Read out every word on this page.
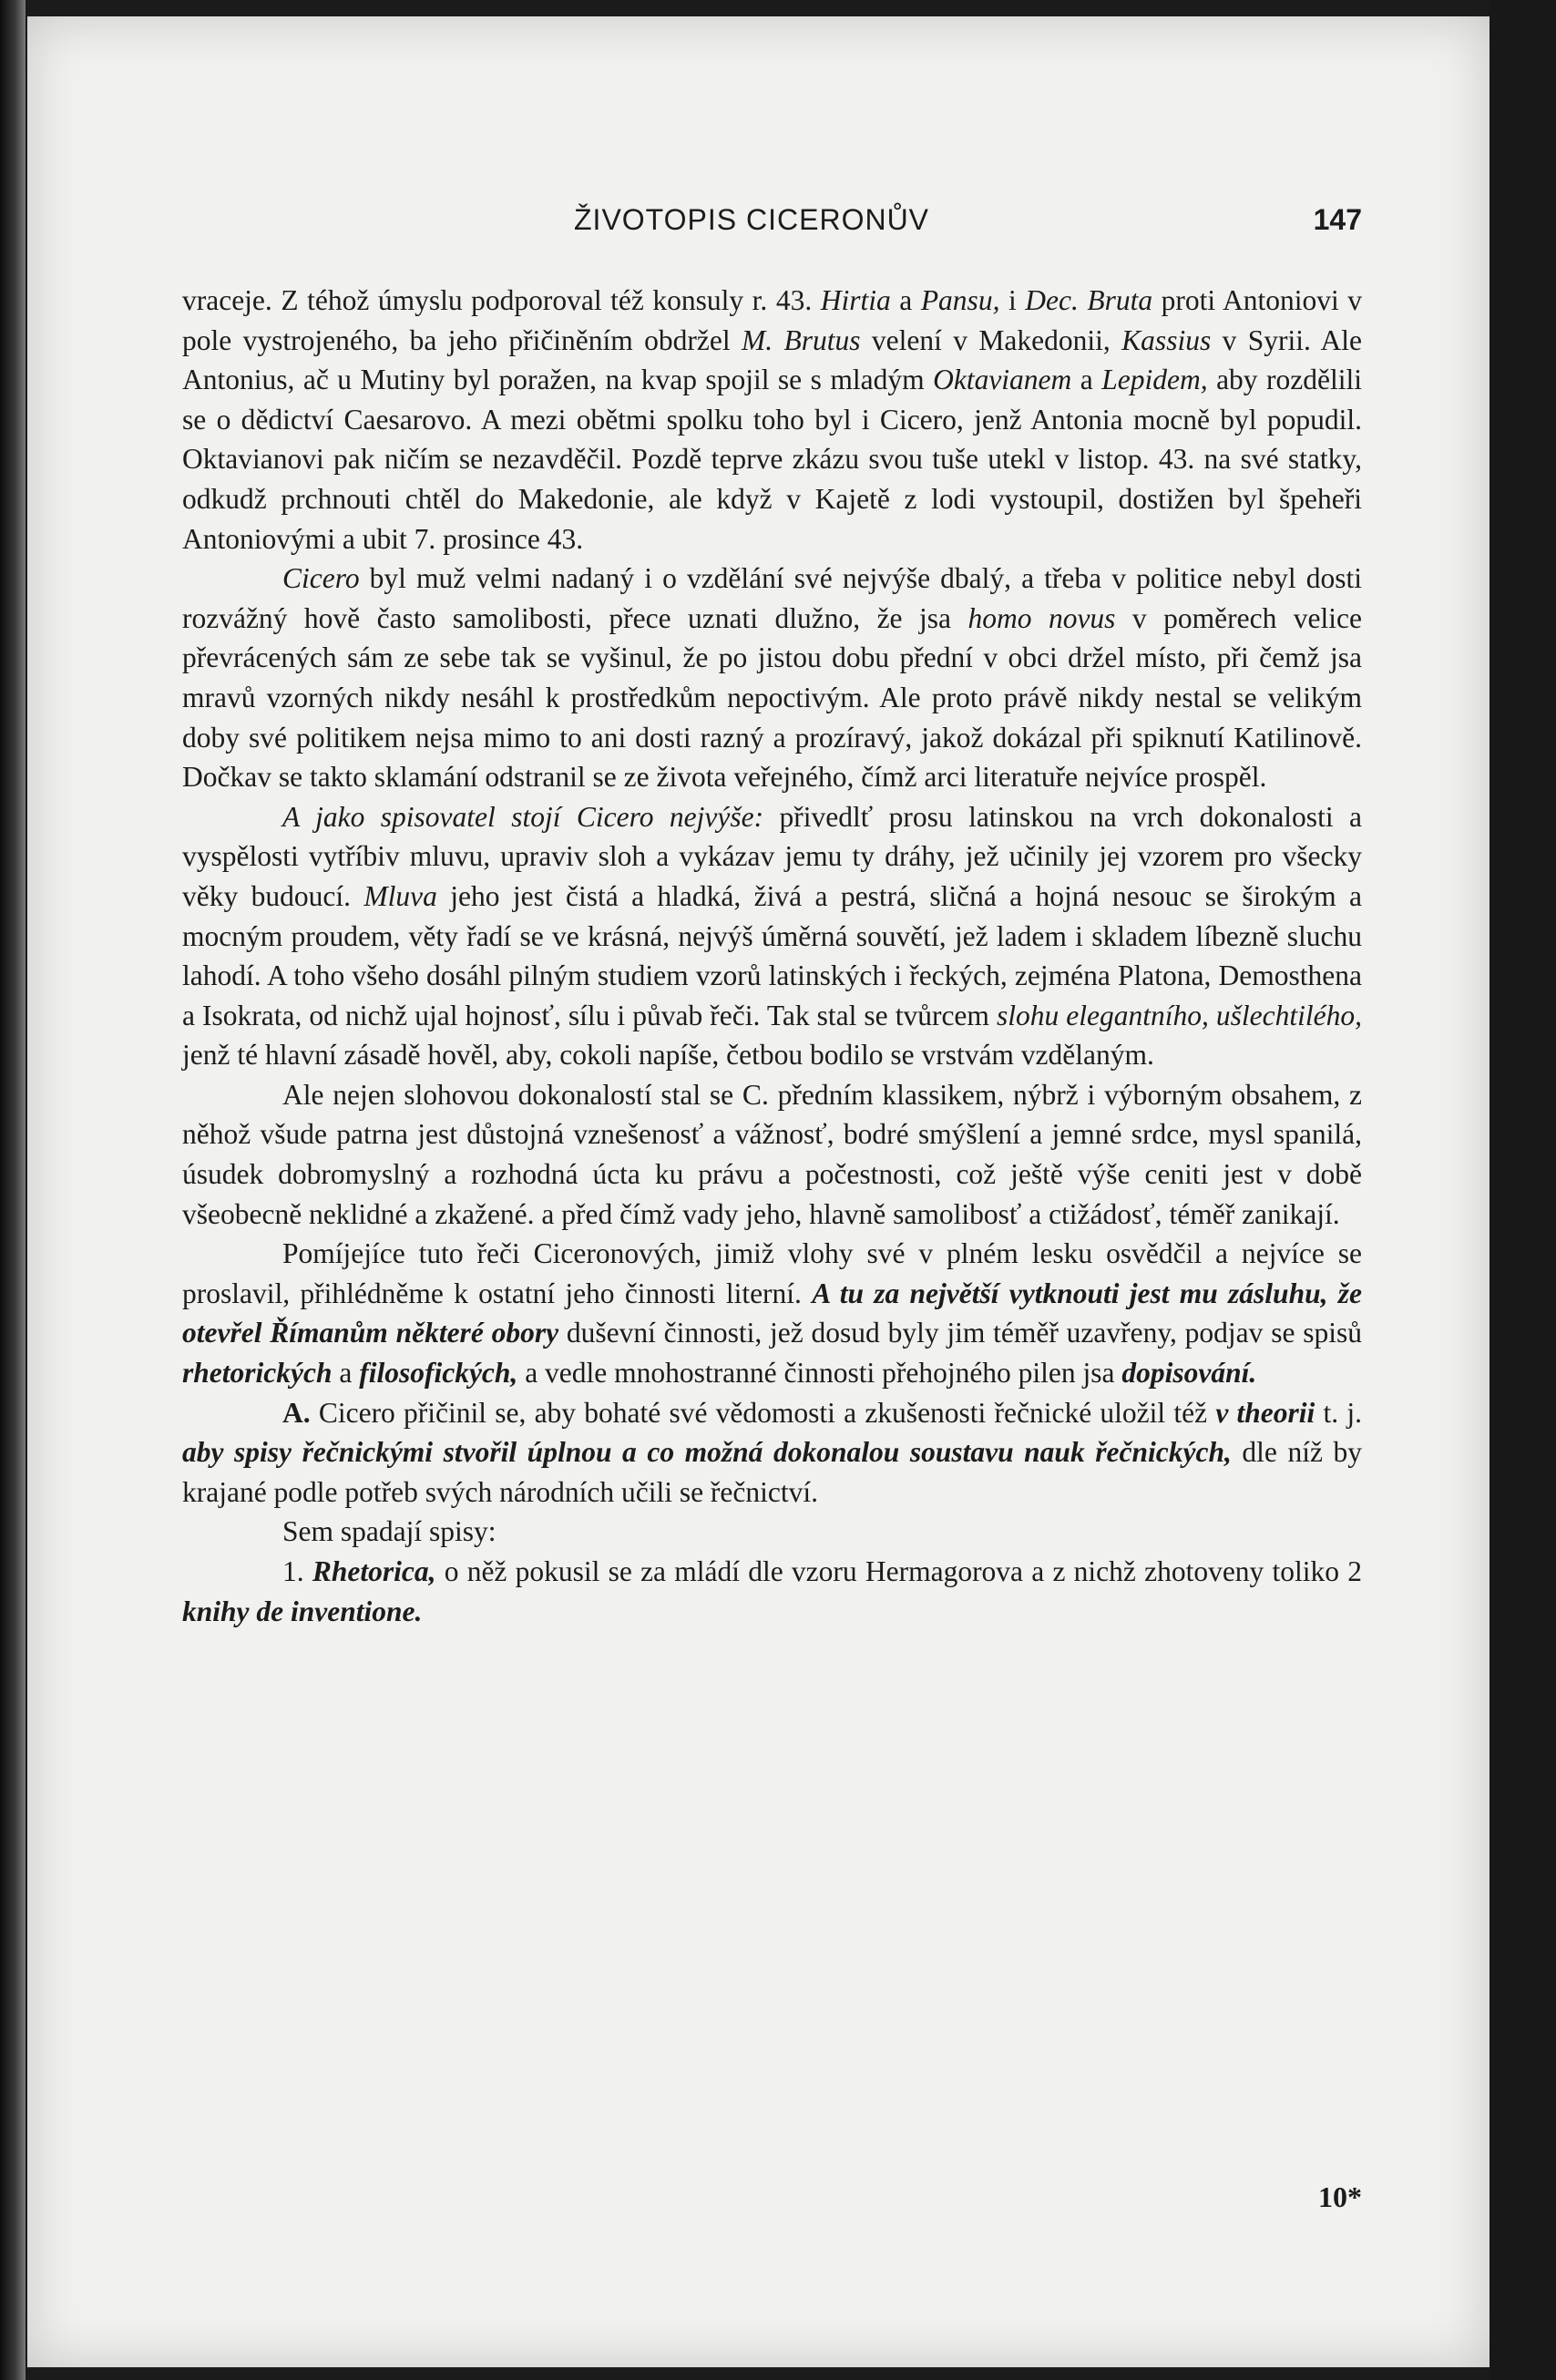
ŽIVOTOPIS CICERONŮV	147

vraceje. Z téhož úmyslu podporoval též konsuly r. 43. Hirtia a Pansu, i Dec. Bruta proti Antoniovi v pole vystrojeného, ba jeho přičiněním obdržel M. Brutus velení v Makedonii, Kassius v Syrii. Ale Antonius, ač u Mutiny byl poražen, na kvap spojil se s mladým Oktavianem a Lepidem, aby rozdělili se o dědictví Caesarovo. A mezi obětmi spolku toho byl i Cicero, jenž Antonia mocně byl popudil. Oktavianovi pak ničím se nezavděčil. Pozdě teprve zkázu svou tuše utekl v listop. 43. na své statky, odkudž prchnouti chtěl do Makedonie, ale když v Kajetě z lodi vystoupil, dostižen byl špeheři Antoniovými a ubit 7. prosince 43.

Cicero byl muž velmi nadaný i o vzdělání své nejvýše dbalý, a třeba v politice nebyl dosti rozvážný hově často samolibosti, přece uznati dlužno, že jsa homo novus v poměrech velice převrácených sám ze sebe tak se vyšinul, že po jistou dobu přední v obci držel místo, při čemž jsa mravů vzorných nikdy nesáhl k prostředkům nepoctivým. Ale proto právě nikdy nestal se velikým doby své politikem nejsa mimo to ani dosti razný a prozíravý, jakož dokázal při spiknutí Katilinově. Dočkav se takto sklamání odstranil se ze života veřejného, čímž arci literatuře nejvíce prospěl.

A jako spisovatel stojí Cicero nejvýše: přivedlť prosu latinskou na vrch dokonalosti a vyspělosti vytříbiv mluvu, upraviv sloh a vykázav jemu ty dráhy, jež učinily jej vzorem pro všecky věky budoucí. Mluva jeho jest čistá a hladká, živá a pestrá, sličná a hojná nesouc se širokým a mocným proudem, věty řadí se ve krásná, nejvýš úměrná souvětí, jež ladem i skladem líbezně sluchu lahodí. A toho všeho dosáhl pilným studiem vzorů latinských i řeckých, zejména Platona, Demosthena a Isokrata, od nichž ujal hojnosť, sílu i půvab řeči. Tak stal se tvůrcem slohu elegantního, ušlechtilého, jenž té hlavní zásadě hověl, aby, cokoli napíše, četbou bodilo se vrstvám vzdělaným.

Ale nejen slohovou dokonalostí stal se C. předním klassikem, nýbrž i výborným obsahem, z něhož všude patrna jest důstojná vznešenosť a vážnosť, bodré smýšlení a jemné srdce, mysl spanilá, úsudek dobromyslný a rozhodná úcta ku právu a počestnosti, což ještě výše ceniti jest v době všeobecně neklidné a zkažené. a před čímž vady jeho, hlavně samolibosť a ctižádosť, téměř zanikají.

Pomíjejíce tuto řeči Ciceronových, jimiž vlohy své v plném lesku osvědčil a nejvíce se proslavil, přihlédněme k ostatní jeho činnosti literní. A tu za největší vytknouti jest mu zásluhu, že otevřel Římanům některé obory duševní činnosti, jež dosud byly jim téměř uzavřeny, podjav se spisů rhetorických a filosofických, a vedle mnohostranné činnosti přehojného pilen jsa dopisování.

A. Cicero přičinil se, aby bohaté své vědomosti a zkušenosti řečnické uložil též v theorii t. j. aby spisy řečnickými stvořil úplnou a co možná dokonalou soustavu nauk řečnických, dle níž by krajané podle potřeb svých národních učili se řečnictví.

Sem spadají spisy:

1. Rhetorica, o něž pokusil se za mládí dle vzoru Hermagorova a z nichž zhotoveny toliko 2 knihy de inventione.

10*
